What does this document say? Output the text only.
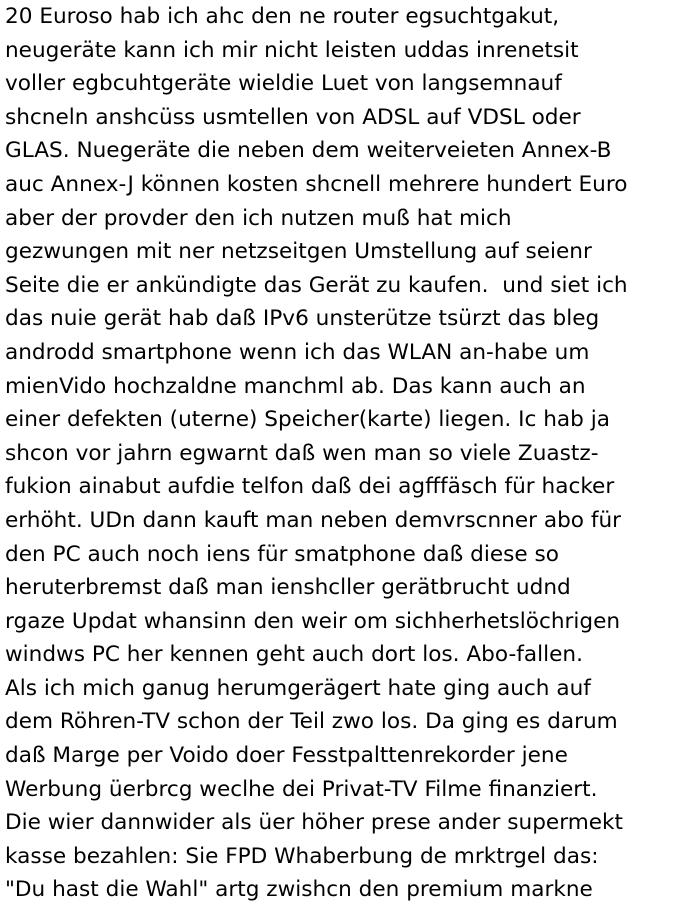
20 Euroso hab ich ahc den ne router egsuchtgakut,
neugeräte kann ich mir nicht leisten uddas inrenetsit
voller egbcuhtgeräte wieldie Luet von langsemnauf
shcneln anshcüss usmtellen von ADSL auf VDSL oder
GLAS. Nuegeräte die neben dem weiterveieten Annex-B
auc Annex-J können kosten shcnell mehrere hundert Euro
aber der provder den ich nutzen muß hat mich
gezwungen mit ner netzseitgen Umstellung auf seienr
Seite die er ankündigte das Gerät zu kaufen.  und siet ich
das nuie gerät hab daß IPv6 unsterützе tsürzt das bleg
androdd smartphone wenn ich das WLAN an-habe um
mienVido hochzaldne manchml ab. Das kann auch an
einer defekten (uterne) Speicher(karte) liegen. Ic hab ja
shcon vor jahrn egwarnt daß wen man so viele Zuastz-
fukion ainabut aufdie telfon daß dei agfffäsch für hacker
erhöht. UDn dann kauft man neben demvrscnner abo für
den PC auch noch iens für smatphone daß diese so
heruterbremst daß man ienshcller gerätbrucht udnd
rgaze Updat whansinn den weir om sichherhetslöchrigen
windws PC her kennen geht auch dort los. Abo-fallen.
Als ich mich ganug herumgerägert hate ging auch auf
dem Röhren-TV schon der Teil zwo los. Da ging es darum
daß Marge per Voido doer Fesstpalttenrekorder jene
Werbung üerbrcg weclhe dei Privat-TV Filme finanziert.
Die wier dannwider als üer höher prese ander supermekt
kasse bezahlen: Sie FPD Whaberbung de mrktrgel das:
"Du hast die Wahl" artg zwishcn den premium markne
